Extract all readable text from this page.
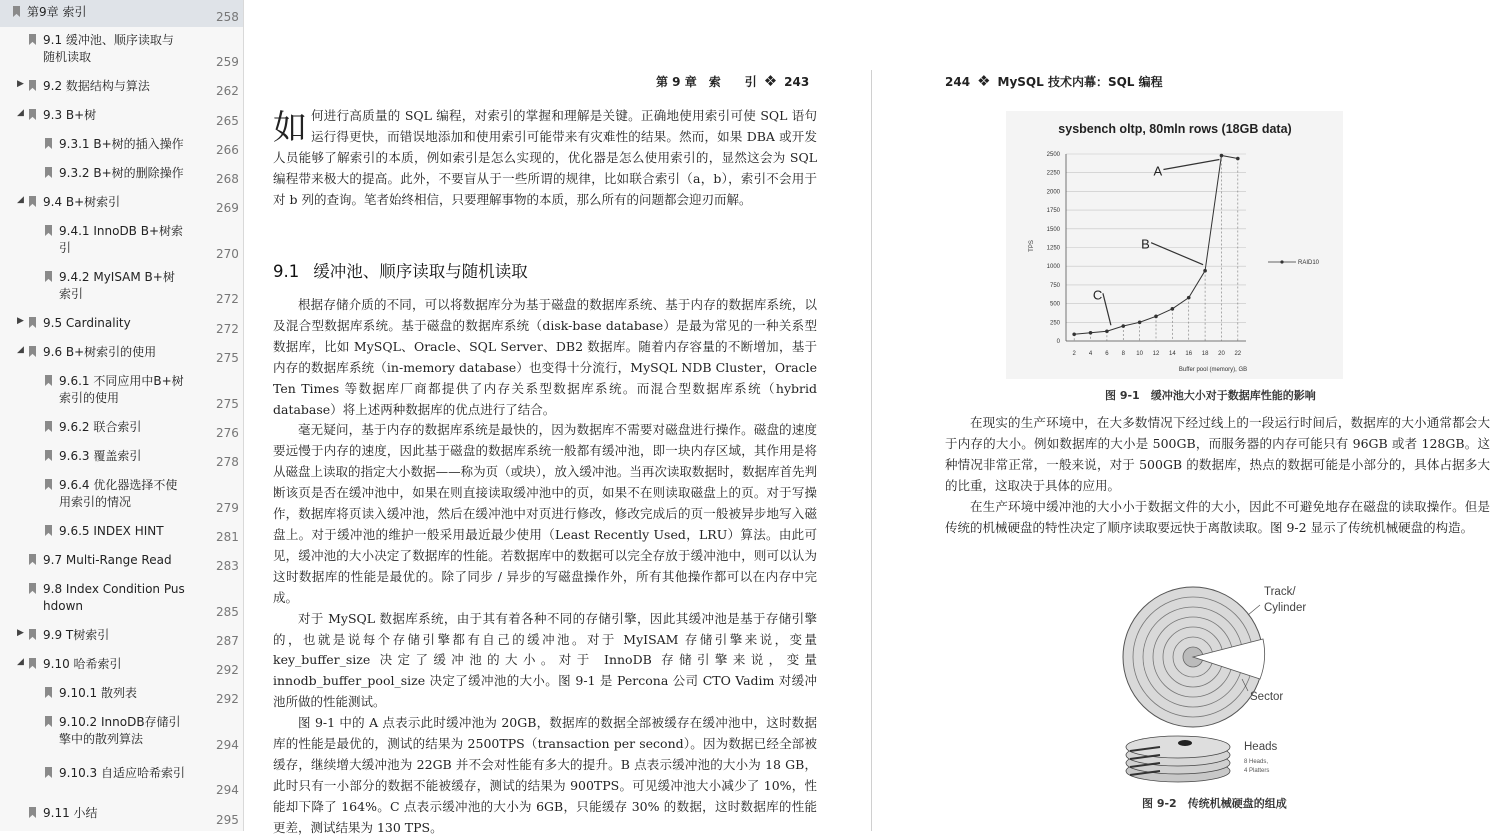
第9章 索引	258
9.1 缓冲池、顺序读取与
随机读取	259
▶ 9.2 数据结构与算法	262
◢ 9.3 B+树	265
9.3.1 B+树的插入操作	266
9.3.2 B+树的删除操作	268
◢ 9.4 B+树索引	269
9.4.1 InnoDB B+树索
引	270
9.4.2 MyISAM B+树
索引	272
▶ 9.5 Cardinality	272
◢ 9.6 B+树索引的使用	275
9.6.1 不同应用中B+树
索引的使用	275
9.6.2 联合索引	276
9.6.3 覆盖索引	278
9.6.4 优化器选择不使
用索引的情况	279
9.6.5 INDEX HINT	281
9.7 Multi-Range Read	283
9.8 Index Condition Pus
hdown	285
▶ 9.9 T树索引	287
◢ 9.10 哈希索引	292
9.10.1 散列表	292
9.10.2 InnoDB存储引
擎中的散列算法	294
9.10.3 自适应哈希索引
294
9.11 小结	295
第 9 章　索　　引 ❖ 243
如 何进行高质量的 SQL 编程，对索引的掌握和理解是关键。正确地使用索引可使 SQL 语句运行得更快，而错误地添加和使用索引可能带来有灾难性的结果。然而，如果 DBA 或开发人员能够了解索引的本质，例如索引是怎么实现的，优化器是怎么使用索引的，显然这会为 SQL 编程带来极大的提高。此外，不要盲从于一些所谓的规律，比如联合索引（a，b），索引不会用于对 b 列的查询。笔者始终相信，只要理解事物的本质，那么所有的问题都会迎刃而解。

9.1 缓冲池、顺序读取与随机读取

根据存储介质的不同，可以将数据库分为基于磁盘的数据库系统、基于内存的数据库系统，以及混合型数据库系统。基于磁盘的数据库系统（disk-base database）是最为常见的一种关系型数据库，比如 MySQL、Oracle、SQL Server、DB2 数据库。随着内存容量的不断增加，基于内存的数据库系统（in-memory database）也变得十分流行，MySQL NDB Cluster，Oracle Ten Times 等数据库厂商都提供了内存关系型数据库系统。而混合型数据库系统（hybrid database）将上述两种数据库的优点进行了结合。

毫无疑问，基于内存的数据库系统是最快的，因为数据库不需要对磁盘进行操作。磁盘的速度要远慢于内存的速度，因此基于磁盘的数据库系统一般都有缓冲池，即一块内存区域，其作用是将从磁盘上读取的指定大小数据——称为页（或块），放入缓冲池。当再次读取数据时，数据库首先判断该页是否在缓冲池中，如果在则直接读取缓冲池中的页，如果不在则读取磁盘上的页。对于写操作，数据库将页读入缓冲池，然后在缓冲池中对页进行修改，修改完成后的页一般被异步地写入磁盘上。对于缓冲池的维护一般采用最近最少使用（Least Recently Used，LRU）算法。由此可见，缓冲池的大小决定了数据库的性能。若数据库中的数据可以完全存放于缓冲池中，则可以认为这时数据库的性能是最优的。除了同步 / 异步的写磁盘操作外，所有其他操作都可以在内存中完成。

对于 MySQL 数据库系统，由于其有着各种不同的存储引擎，因此其缓冲池是基于存储引擎的，也就是说每个存储引擎都有自己的缓冲池。对于 MyISAM 存储引擎来说，变量 key_buffer_size 决定了缓冲池的大小。对于 InnoDB 存储引擎来说，变量 innodb_buffer_pool_size 决定了缓冲池的大小。图 9-1 是 Percona 公司 CTO Vadim 对缓冲池所做的性能测试。

图 9-1 中的 A 点表示此时缓冲池为 20GB，数据库的数据全部被缓存在缓冲池中，这时数据库的性能是最优的，测试的结果为 2500TPS（transaction per second）。因为数据已经全部被缓存，继续增大缓冲池为 22GB 并不会对性能有多大的提升。B 点表示缓冲池的大小为 18 GB，此时只有一小部分的数据不能被缓存，测试的结果为 900TPS。可见缓冲池大小减少了 10%，性能却下降了 164%。C 点表示缓冲池的大小为 6GB，只能缓存 30% 的数据，这时数据库的性能更差，测试结果为 130 TPS。

244 ❖ MySQL 技术内幕：SQL 编程
sysbench oltp, 80mln rows (18GB data)
TPS
Buffer pool (memory), GB
0
250
500
750
1000
1250
1500
1750
2000
2250
2500
2 4 6 8 10 12 14 16 18 20 22
A
B
C
RAID10
图 9-1　缓冲池大小对于数据库性能的影响

在现实的生产环境中，在大多数情况下经过线上的一段运行时间后，数据库的大小通常都会大于内存的大小。例如数据库的大小是 500GB，而服务器的内存可能只有 96GB 或者 128GB。这种情况非常正常，一般来说，对于 500GB 的数据库，热点的数据可能是小部分的，具体占据多大的比重，这取决于具体的应用。

在生产环境中缓冲池的大小小于数据文件的大小，因此不可避免地存在磁盘的读取操作。但是传统的机械硬盘的特性决定了顺序读取要远快于离散读取。图 9-2 显示了传统机械硬盘的构造。

Track/
Cylinder
Sector
Heads
8 Heads,
4 Platters
图 9-2　传统机械硬盘的组成
